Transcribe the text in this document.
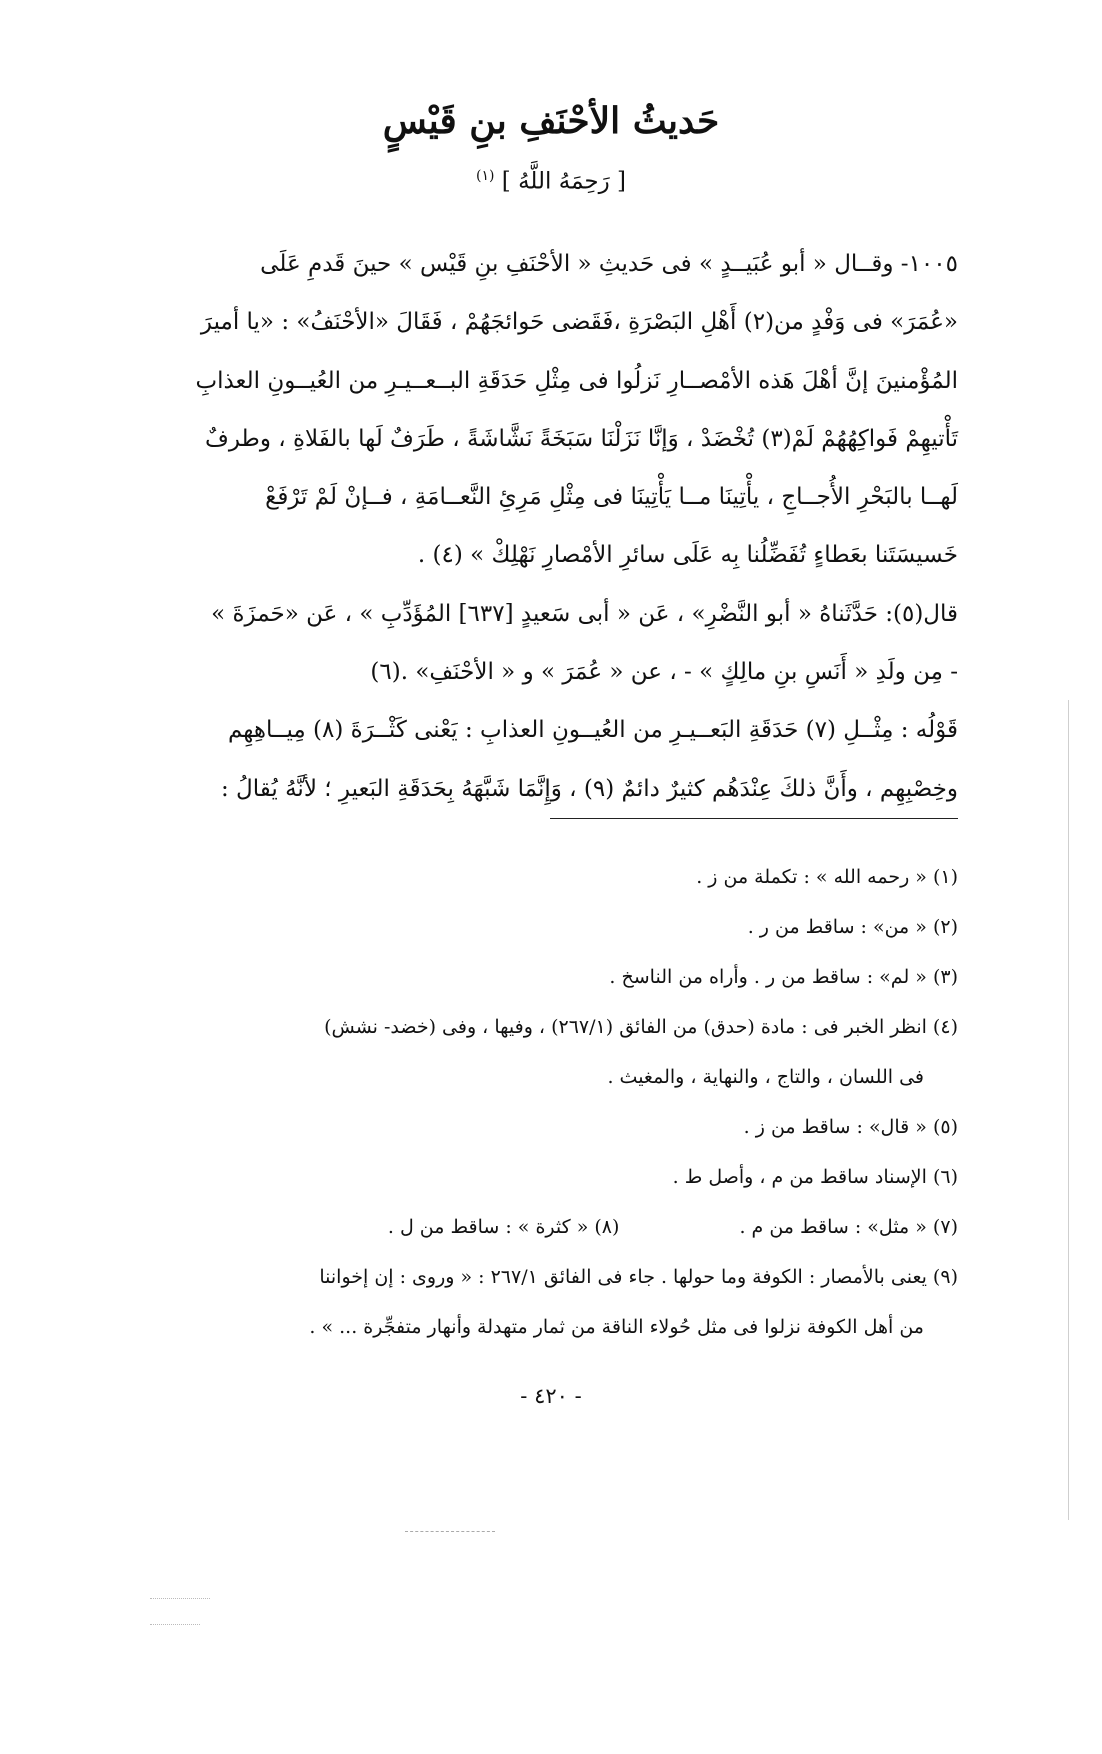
حَديثُ الأحْنَفِ بنِ قَيْسٍ
[ رَحِمَهُ اللَّهُ ] $^{(١)}$

١٠٠٥- وقــال « أبو عُبَيــدٍ » فى حَديثِ « الأحْنَفِ بنِ قَيْس » حينَ قَدمِ عَلَى

«عُمَرَ» فى وَفْدٍ من(٢) أَهْلِ البَصْرَةِ ،فَقَضى حَوائجَهُمْ ، فَقَالَ «الأحْنَفُ» : «يا أميرَ

المُؤْمنينَ إنَّ أهْلَ هَذه الأمْصــارِ نَزلُوا فى مِثْلِ حَدَقَةِ البــعــيـرِ من العُيــونِ العذابِ

تَأْتيهِمْ فَواكِهُهُمْ لَمْ(٣) تُخْضَدْ ، وَإنَّا نَزَلْنَا سَبَخَةً نَشَّاشَةً ، طَرَفٌ لَها بالفَلاةِ ، وطرفٌ

لَهــا بالبَحْرِ الأُجــاجِ ، يأْتِينَا مــا يَأْتِينَا فى مِثْلِ مَرِئِ النَّعــامَةِ ، فــإنْ لَمْ تَرْفَعْ

خَسيسَتَنا بعَطاءٍ تُفَضِّلُنا بِه عَلَى سائرِ الأمْصارِ نَهْلِكْ » (٤) .

قال(٥): حَدَّثَناهُ « أبو النَّضْرِ» ، عَن « أبى سَعيدٍ [٦٣٧] المُؤَدِّبِ » ، عَن «حَمزَةَ »

- مِن ولَدِ « أَنَسِ بنِ مالِكٍ » - ، عن « عُمَرَ » و « الأحْنَفِ» .(٦)

قَوْلُه : مِثْــلِ (٧) حَدَقَةِ البَعــيـرِ من العُيــونِ العذابِ : يَعْنى كَثْــرَةَ (٨) مِيــاهِهِم

وخِصْبِهِم ، وأَنَّ ذلكَ عِنْدَهُم كثيرٌ دائمٌ (٩) ، وَإِنَّمَا شَبَّهَهُ بِحَدَقَةِ البَعيرِ ؛ لأنَّهُ يُقالُ :

(١) « رحمه الله » : تكملة من ز .

(٢) « من» : ساقط من ر .

(٣) « لم» : ساقط من ر . وأراه من الناسخ .

(٤) انظر الخبر فى : مادة (حدق) من الفائق (٢٦٧/١) ، وفيها ، وفى (خضد- نشش)

فى اللسان ، والتاج ، والنهاية ، والمغيث .

(٥) « قال» : ساقط من ز .

(٦) الإسناد ساقط من م ، وأصل ط .

(٧) « مثل» : ساقط من م .
(٨) « كثرة » : ساقط من ل .

(٩) يعنى بالأمصار : الكوفة وما حولها . جاء فى الفائق ٢٦٧/١ : « وروى : إن إخواننا

من أهل الكوفة نزلوا فى مثل حُولاء الناقة من ثمار متهدلة وأنهار متفجِّرة ... » .

- ٤٢٠ -
